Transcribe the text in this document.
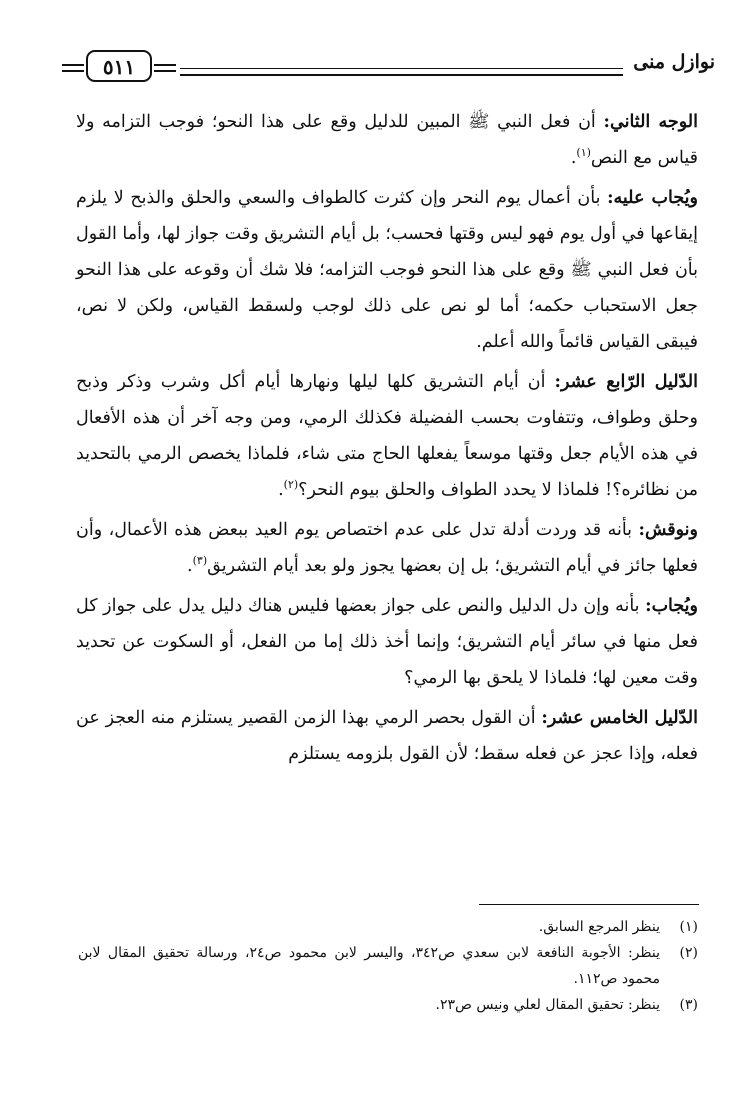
نوازل منى
٥١١

الوجه الثاني: أن فعل النبي ﷺ المبين للدليل وقع على هذا النحو؛ فوجب التزامه ولا قياس مع النص$^{(١)}$.

ويُجاب عليه: بأن أعمال يوم النحر وإن كثرت كالطواف والسعي والحلق والذبح لا يلزم إيقاعها في أول يوم فهو ليس وقتها فحسب؛ بل أيام التشريق وقت جواز لها، وأما القول بأن فعل النبي ﷺ وقع على هذا النحو فوجب التزامه؛ فلا شك أن وقوعه على هذا النحو جعل الاستحباب حكمه؛ أما لو نص على ذلك لوجب ولسقط القياس، ولكن لا نص، فيبقى القياس قائماً والله أعلم.

الدّليل الرّابع عشر: أن أيام التشريق كلها ليلها ونهارها أيام أكل وشرب وذكر وذبح وحلق وطواف، وتتفاوت بحسب الفضيلة فكذلك الرمي، ومن وجه آخر أن هذه الأفعال في هذه الأيام جعل وقتها موسعاً يفعلها الحاج متى شاء، فلماذا يخصص الرمي بالتحديد من نظائره؟! فلماذا لا يحدد الطواف والحلق بيوم النحر؟$^{(٢)}$.

ونوقش: بأنه قد وردت أدلة تدل على عدم اختصاص يوم العيد ببعض هذه الأعمال، وأن فعلها جائز في أيام التشريق؛ بل إن بعضها يجوز ولو بعد أيام التشريق$^{(٣)}$.

ويُجاب: بأنه وإن دل الدليل والنص على جواز بعضها فليس هناك دليل يدل على جواز كل فعل منها في سائر أيام التشريق؛ وإنما أخذ ذلك إما من الفعل، أو السكوت عن تحديد وقت معين لها؛ فلماذا لا يلحق بها الرمي؟

الدّليل الخامس عشر: أن القول بحصر الرمي بهذا الزمن القصير يستلزم منه العجز عن فعله، وإذا عجز عن فعله سقط؛ لأن القول بلزومه يستلزم

(١)
ينظر المرجع السابق.

(٢)
ينظر: الأجوبة النافعة لابن سعدي ص٣٤٢، واليسر لابن محمود ص٢٤، ورسالة تحقيق المقال لابن محمود ص١١٢.

(٣)
ينظر: تحقيق المقال لعلي ونيس ص٢٣.
